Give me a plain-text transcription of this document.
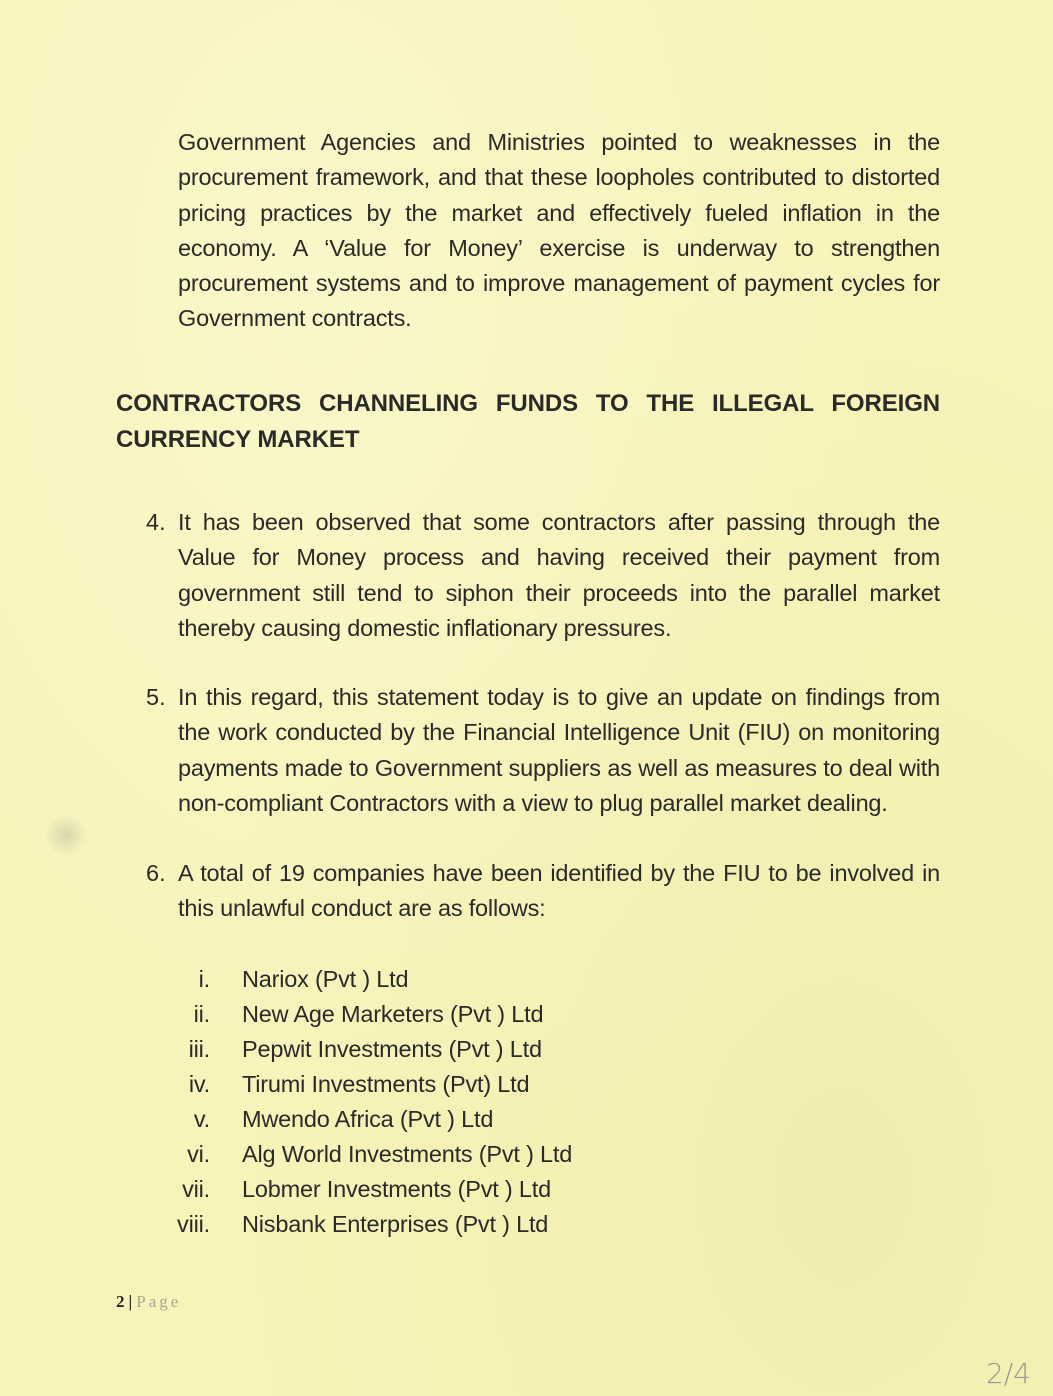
Government Agencies and Ministries pointed to weaknesses in the procurement framework, and that these loopholes contributed to distorted pricing practices by the market and effectively fueled inflation in the economy. A ‘Value for Money’ exercise is underway to strengthen procurement systems and to improve management of payment cycles for Government contracts.
CONTRACTORS CHANNELING FUNDS TO THE ILLEGAL FOREIGN CURRENCY MARKET
4. It has been observed that some contractors after passing through the Value for Money process and having received their payment from government still tend to siphon their proceeds into the parallel market thereby causing domestic inflationary pressures.
5. In this regard, this statement today is to give an update on findings from the work conducted by the Financial Intelligence Unit (FIU) on monitoring payments made to Government suppliers as well as measures to deal with non-compliant Contractors with a view to plug parallel market dealing.
6. A total of 19 companies have been identified by the FIU to be involved in this unlawful conduct are as follows:
i. Nariox (Pvt ) Ltd
ii. New Age Marketers (Pvt ) Ltd
iii. Pepwit Investments (Pvt ) Ltd
iv. Tirumi Investments (Pvt) Ltd
v. Mwendo Africa (Pvt ) Ltd
vi. Alg World Investments (Pvt ) Ltd
vii. Lobmer Investments (Pvt ) Ltd
viii. Nisbank Enterprises (Pvt ) Ltd
2 | Page
2/4
